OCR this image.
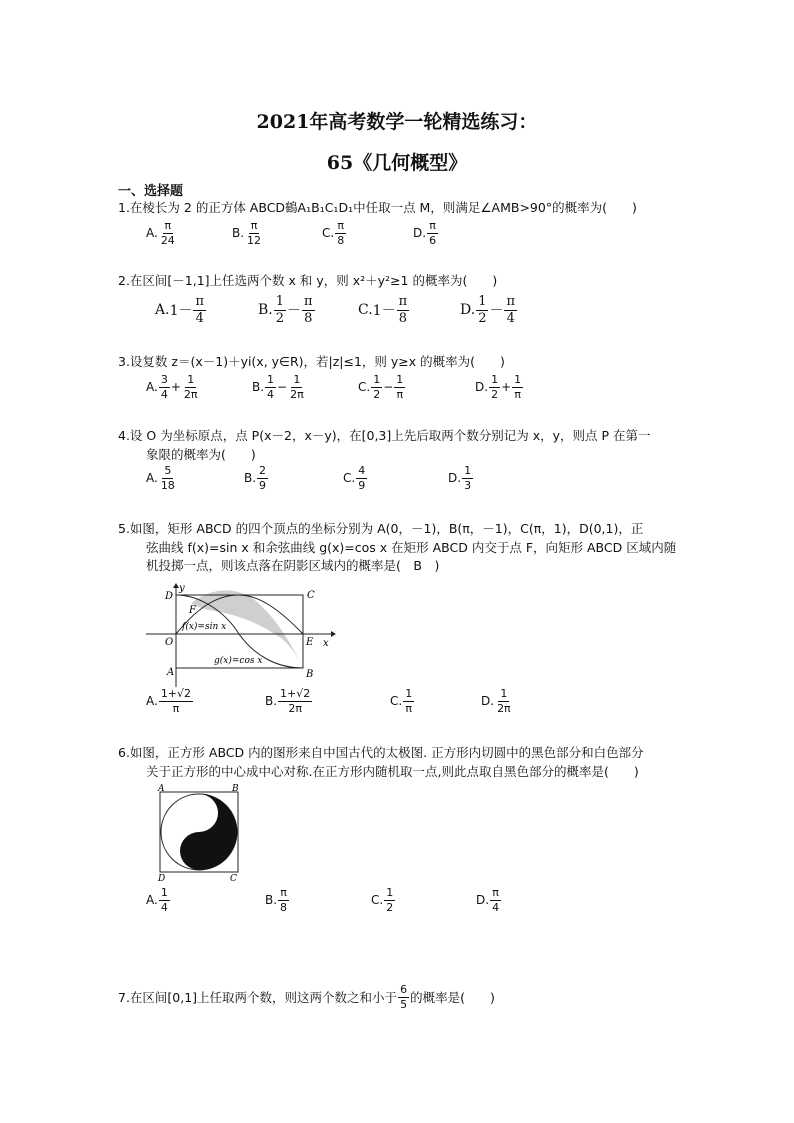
2021年高考数学一轮精选练习：
65《几何概型》
一、选择题
1.在棱长为 2 的正方体 ABCD鶴A₁B₁C₁D₁中任取一点 M，则满足∠AMB>90°的概率为(　　)
A. $\frac{\pi}{24}$	B. $\frac{\pi}{12}$	C. $\frac{\pi}{8}$	D. $\frac{\pi}{6}$
2.在区间[－1,1]上任选两个数 x 和 y，则 x²＋y²≥1 的概率为(　　)
A. $1- \frac{\pi}{4}$	B. $\frac{1}{2} - \frac{\pi}{8}$	C. $1- \frac{\pi}{8}$	D. $\frac{1}{2} - \frac{\pi}{4}$
3.设复数 z＝(x－1)＋yi(x, y∈R)，若|z|≤1，则 y≥x 的概率为(　　)
A. $\frac{3}{4} + \frac{1}{2\pi}$	B. $\frac{1}{4} - \frac{1}{2\pi}$	C. $\frac{1}{2} - \frac{1}{\pi}$	D. $\frac{1}{2} + \frac{1}{\pi}$
4.设 O 为坐标原点，点 P(x－2，x－y)，在[0,3]上先后取两个数分别记为 x，y，则点 P 在第一
象限的概率为(　　)
A. $\frac{5}{18}$	B. $\frac{2}{9}$	C. $\frac{4}{9}$	D. $\frac{1}{3}$
5.如图，矩形 ABCD 的四个顶点的坐标分别为 A(0，－1)，B(π，－1)，C(π，1)，D(0,1)，正
弦曲线 f(x)=sin x 和余弦曲线 g(x)=cos x 在矩形 ABCD 内交于点 F，向矩形 ABCD 区域内随
机投掷一点，则该点落在阴影区域内的概率是(　B　)
D	C
A	B
O	E
F
x
y
f(x)=sin x
g(x)=cos x
A. $\frac{1+√2}{\pi}$	B. $\frac{1+√2}{2\pi}$	C. $\frac{1}{\pi}$	D. $\frac{1}{2\pi}$
6.如图，正方形 ABCD 内的图形来自中国古代的太极图. 正方形内切圆中的黑色部分和白色部分
关于正方形的中心成中心对称.在正方形内随机取一点,则此点取自黑色部分的概率是(　　)
A	B
C
D
A. $\frac{1}{4}$	B. $\frac{\pi}{8}$	C. $\frac{1}{2}$	D. $\frac{\pi}{4}$
7.在区间[0,1]上任取两个数，则这两个数之和小于 $\frac{6}{5}$ 的概率是(　　)
